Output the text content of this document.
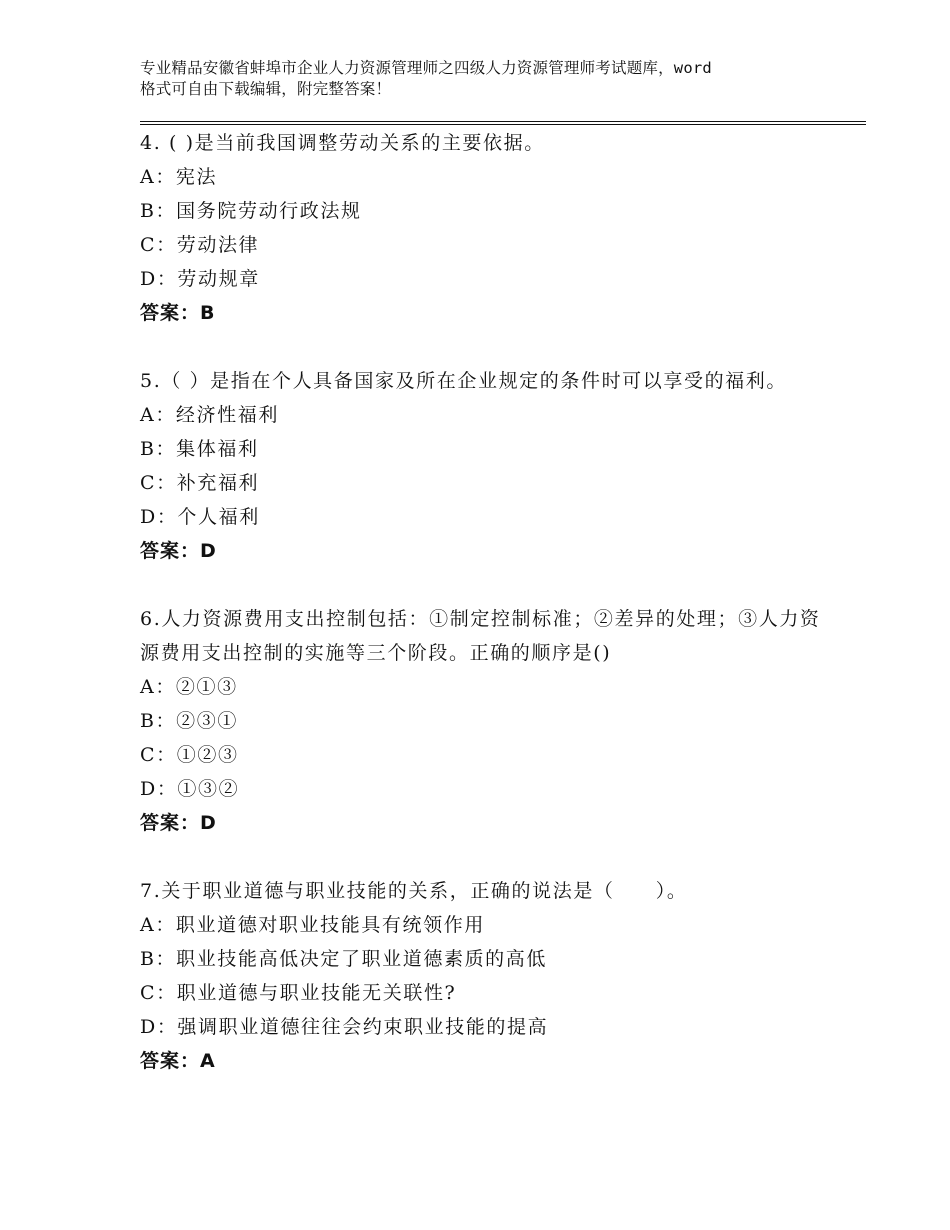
专业精品安徽省蚌埠市企业人力资源管理师之四级人力资源管理师考试题库，word
格式可自由下载编辑，附完整答案！

4. ( )是当前我国调整劳动关系的主要依据。

A：宪法

B：国务院劳动行政法规

C：劳动法律

D：劳动规章

答案：B

5.（ ）是指在个人具备国家及所在企业规定的条件时可以享受的福利。

A：经济性福利

B：集体福利

C：补充福利

D：个人福利

答案：D

6.人力资源费用支出控制包括：①制定控制标准；②差异的处理；③人力资源费用支出控制的实施等三个阶段。正确的顺序是()

A：②①③

B：②③①

C：①②③

D：①③②

答案：D

7.关于职业道德与职业技能的关系，正确的说法是（　　）。

A：职业道德对职业技能具有统领作用

B：职业技能高低决定了职业道德素质的高低

C：职业道德与职业技能无关联性?

D：强调职业道德往往会约束职业技能的提高

答案：A
